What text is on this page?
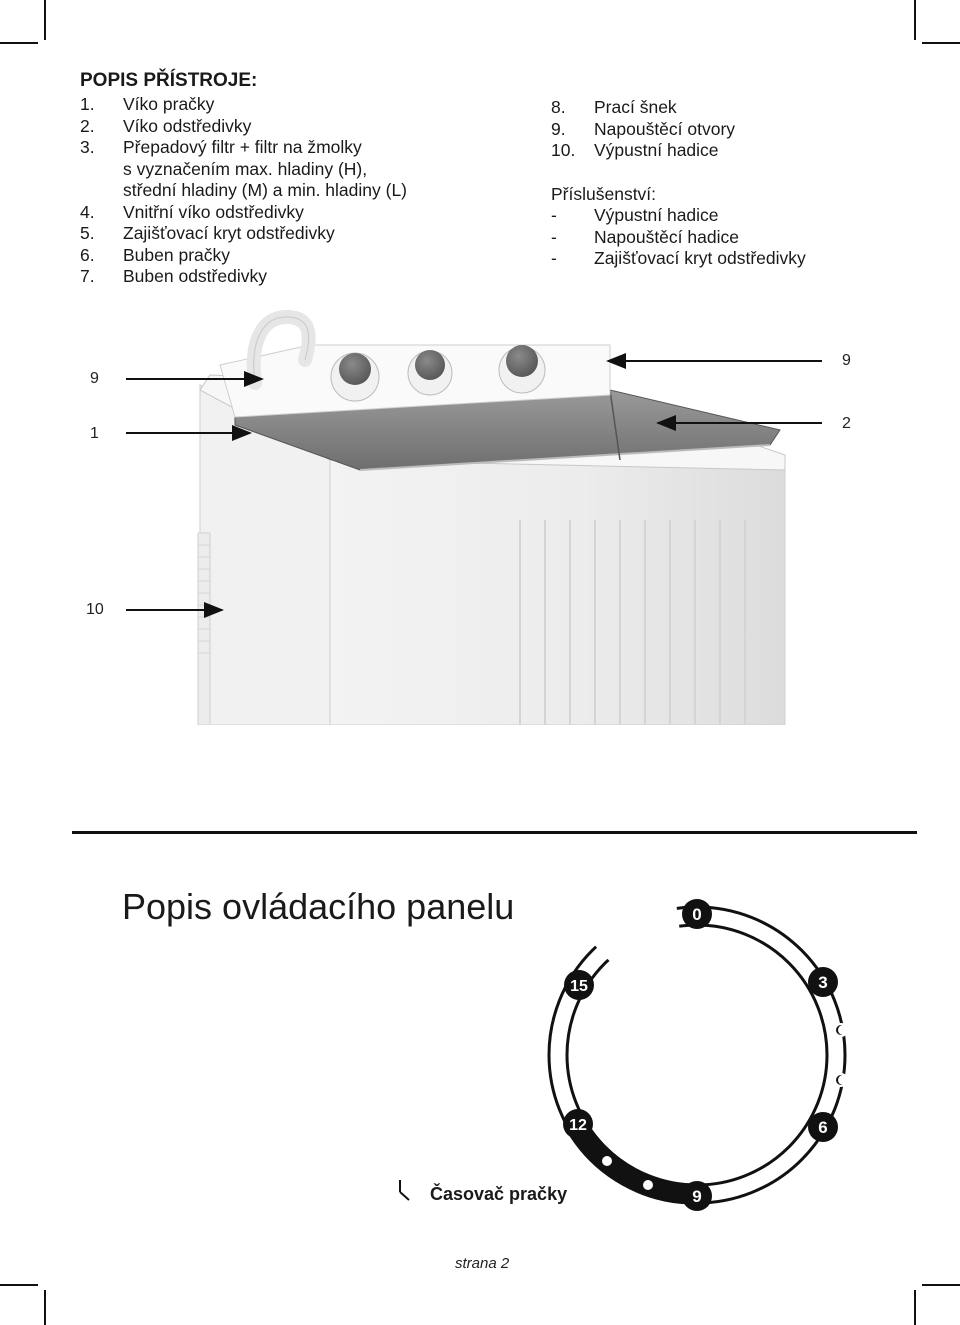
POPIS PŘÍSTROJE:
1. Víko pračky
2. Víko odstředivky
3. Přepadový filtr + filtr na žmolky
s vyznačením max. hladiny (H),
střední hladiny (M) a min. hladiny (L)
4. Vnitřní víko odstředivky
5. Zajišťovací kryt odstředivky
6. Buben pračky
7. Buben odstředivky
8. Prací šnek
9. Napouštěcí otvory
10. Výpustní hadice
Příslušenství:
- Výpustní hadice
- Napouštěcí hadice
- Zajišťovací kryt odstředivky
9
1
10
9
2
Popis ovládacího panelu	0
3
6
9
12
15
Časovač pračky
strana 2
